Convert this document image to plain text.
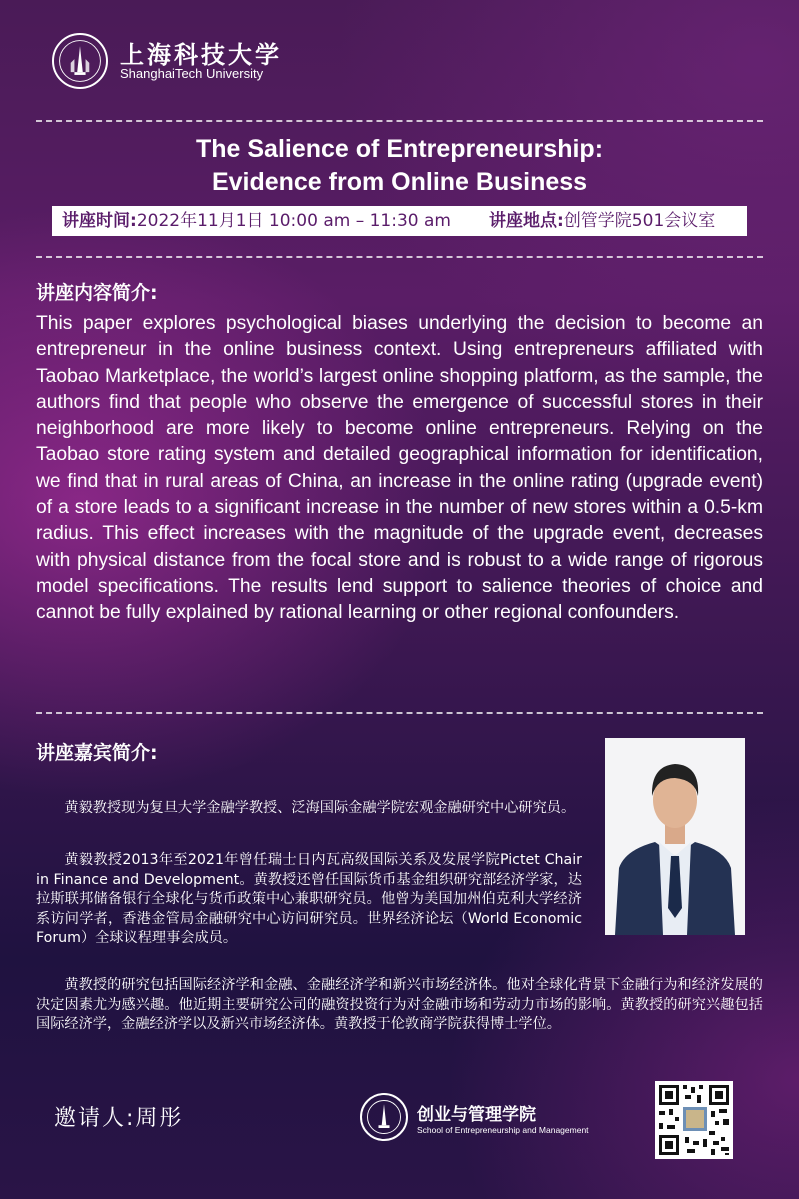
上海科技大学
ShanghaiTech University
The Salience of Entrepreneurship:
Evidence from Online Business
讲座时间:2022年11月1日 10:00 am – 11:30 am 讲座地点:创管学院501会议室
讲座内容简介:
This paper explores psychological biases underlying the decision to become an entrepreneur in the online business context. Using entrepreneurs affiliated with Taobao Marketplace, the world’s largest online shopping platform, as the sample, the authors find that people who observe the emergence of successful stores in their neighborhood are more likely to become online entrepreneurs. Relying on the Taobao store rating system and detailed geographical information for identification, we find that in rural areas of China, an increase in the online rating (upgrade event) of a store leads to a significant increase in the number of new stores within a 0.5-km radius. This effect increases with the magnitude of the upgrade event, decreases with physical distance from the focal store and is robust to a wide range of rigorous model specifications. The results lend support to salience theories of choice and cannot be fully explained by rational learning or other regional confounders.
讲座嘉宾简介:
黄毅教授现为复旦大学金融学教授、泛海国际金融学院宏观金融研究中心研究员。
黄毅教授2013年至2021年曾任瑞士日内瓦高级国际关系及发展学院Pictet Chair in Finance and Development。黄教授还曾任国际货币基金组织研究部经济学家，达拉斯联邦储备银行全球化与货币政策中心兼职研究员。他曾为美国加州伯克利大学经济系访问学者，香港金管局金融研究中心访问研究员。世界经济论坛（World Economic Forum）全球议程理事会成员。
黄教授的研究包括国际经济学和金融、金融经济学和新兴市场经济体。他对全球化背景下金融行为和经济发展的决定因素尤为感兴趣。他近期主要研究公司的融资投资行为对金融市场和劳动力市场的影响。黄教授的研究兴趣包括国际经济学，金融经济学以及新兴市场经济体。黄教授于伦敦商学院获得博士学位。
邀请人:周彤	创业与管理学院
School of Entrepreneurship and Management
